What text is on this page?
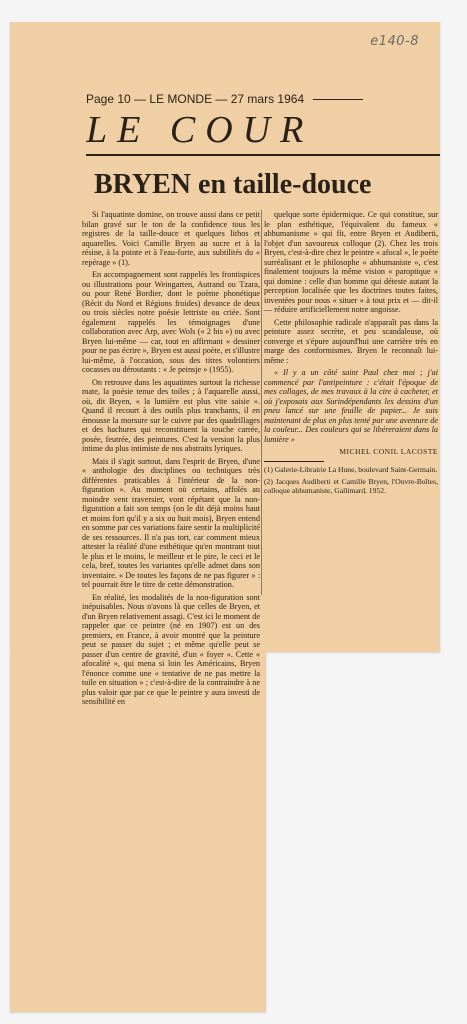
e140-8
Page 10 — LE MONDE — 27 mars 1964
LE COUR
BRYEN en taille-douce

Si l'aquatinte domine, on trouve aussi dans ce petit bilan gravé sur le ton de la confidence tous les registres de la taille-douce et quelques lithos et aquarelles. Voici Camille Bryen au sucre et à la résine, à la pointe et à l'eau-forte, aux subtilités du « repérage » (1).

En accompagnement sont rappelés les frontispices ou illustrations pour Weingarten, Autrand ou Tzara, ou pour René Bordier, dont le poème phonétique (Récit du Nord et Régions froides) devance de deux ou trois siècles notre poésie lettriste ou criée. Sont également rappelés les témoignages d'une collaboration avec Arp, avec Wols (« 2 bis ») ou avec Bryen lui-même — car, tout en affirmant « dessiner pour ne pas écrire », Bryen est aussi poète, et s'illustre lui-même, à l'occasion, sous des titres volontiers cocasses ou déroutants : « Je peinsje » (1955).

On retrouve dans les aquatintes surtout la richesse mate, la poésie tenue des toiles ; à l'aquarelle aussi, où, dit Bryen, « la lumière est plus vite saisie ». Quand il recourt à des outils plus tranchants, il en émousse la morsure sur le cuivre par des quadrillages et des hachures qui reconstituent la touche carrée, posée, feutrée, des peintures. C'est la version la plus intime du plus intimiste de nos abstraits lyriques.

Mais il s'agit surtout, dans l'esprit de Bryen, d'une « anthologie des disciplines ou techniques très différentes praticables à l'intérieur de la non-figuration ». Au moment où certains, affolés au moindre vent traversier, vont répétant que la non-figuration a fait son temps (on le dit déjà moins haut et moins fort qu'il y a six ou huit mois), Bryen entend en somme par ces variations faire sentir la multiplicité de ses ressources. Il n'a pas tort, car comment mieux attester la réalité d'une esthétique qu'en montrant tout le plus et le moins, le meilleur et le pire, le ceci et le cela, bref, toutes les variantes qu'elle admet dans son inventaire. « De toutes les façons de ne pas figurer » : tel pourrait être le titre de cette démonstration.

En réalité, les modalités de la non-figuration sont inépuisables. Nous n'avons là que celles de Bryen, et d'un Bryen relativement assagi. C'est ici le moment de rappeler que ce peintre (né en 1907) est un des premiers, en France, à avoir montré que la peinture peut se passer du sujet ; et même qu'elle peut se passer d'un centre de gravité, d'un « foyer ». Cette « afocalité », qui mena si loin les Américains, Bryen l'énonce comme une « tentative de ne pas mettre la toile en situation » ; c'est-à-dire de la contraindre à ne plus valoir que par ce que le peintre y aura investi de sensibilité en

quelque sorte épidermique. Ce qui constitue, sur le plan esthétique, l'équivalent du fameux « abhumanisme » qui fit, entre Bryen et Audiberti, l'objet d'un savoureux colloque (2). Chez les trois Bryen, c'est-à-dire chez le peintre « afocal », le poète surréalisant et le philosophe « abhumaniste », c'est finalement toujours la même vision « paroptique » qui domine : celle d'un homme qui déteste autant la perception localisée que les doctrines toutes faites, inventées pour nous « situer » à tout prix et — dit-il — réduire artificiellement notre angoisse.

Cette philosophie radicale n'apparaît pas dans la peinture assez secrète, et peu scandaleuse, où converge et s'épure aujourd'hui une carrière très en marge des conformismes. Bryen le reconnaît lui-même :

« Il y a un côté saint Paul chez moi ; j'ai commencé par l'antipeinture : c'était l'époque de mes collages, de mes travaux à la cire à cacheter, et où j'exposais aux Surindépendants les dessins d'un pneu lancé sur une feuille de papier... Je suis maintenant de plus en plus tenté par une aventure de la couleur... Des couleurs qui se libéreraient dans la lumière »

MICHEL CONIL LACOSTE

(1) Galerie-Librairie La Hune, boulevard Saint-Germain.

(2) Jacques Audiberti et Camille Bryen, l'Ouvre-Boîtes, colloque abhumaniste, Gallimard, 1952.
